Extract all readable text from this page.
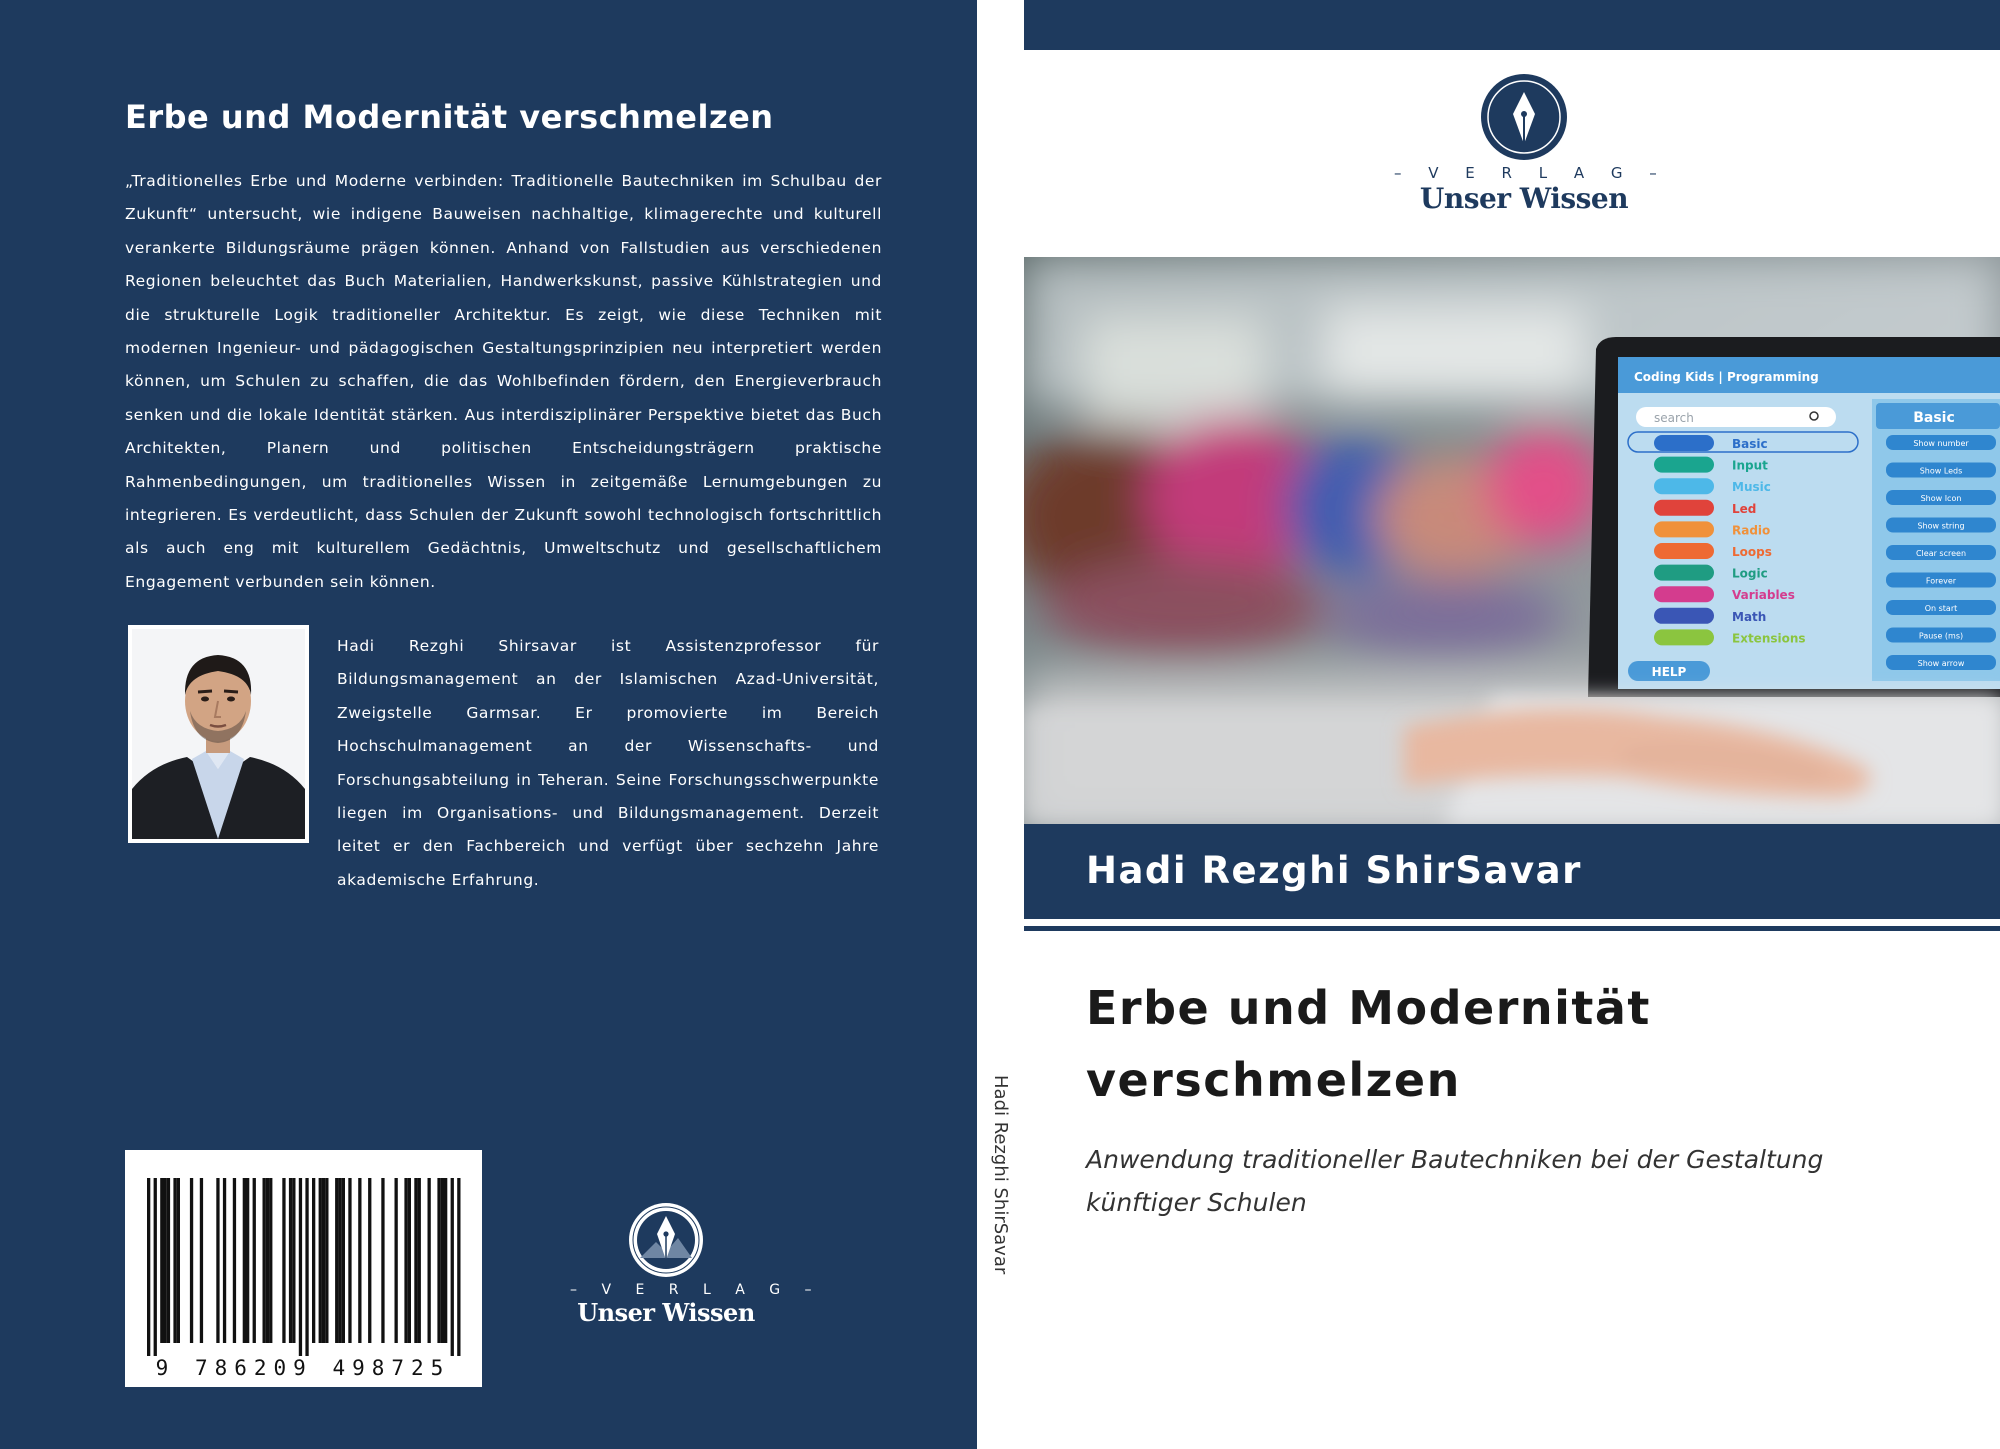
Erbe und Modernität verschmelzen

„Traditionelles Erbe und Moderne verbinden: Traditionelle Bautechniken im Schulbau der Zukunft“ untersucht, wie indigene Bauweisen nachhaltige, klimagerechte und kulturell verankerte Bildungsräume prägen können. Anhand von Fallstudien aus verschiedenen Regionen beleuchtet das Buch Materialien, Handwerkskunst, passive Kühlstrategien und die strukturelle Logik traditioneller Architektur. Es zeigt, wie diese Techniken mit modernen Ingenieur- und pädagogischen Gestaltungsprinzipien neu interpretiert werden können, um Schulen zu schaffen, die das Wohlbefinden fördern, den Energieverbrauch senken und die lokale Identität stärken. Aus interdisziplinärer Perspektive bietet das Buch Architekten, Planern und politischen Entscheidungsträgern praktische Rahmenbedingungen, um traditionelles Wissen in zeitgemäße Lernumgebungen zu integrieren. Es verdeutlicht, dass Schulen der Zukunft sowohl technologisch fortschrittlich als auch eng mit kulturellem Gedächtnis, Umweltschutz und gesellschaftlichem Engagement verbunden sein können.

Hadi Rezghi Shirsavar ist Assistenzprofessor für Bildungsmanagement an der Islamischen Azad-Universität, Zweigstelle Garmsar. Er promovierte im Bereich Hochschulmanagement an der Wissenschafts- und Forschungsabteilung in Teheran. Seine Forschungsschwerpunkte liegen im Organisations- und Bildungsmanagement. Derzeit leitet er den Fachbereich und verfügt über sechzehn Jahre akademische Erfahrung.

9 786209 498725
– V E R L A G –
Unser Wissen
Hadi Rezghi ShirSavar
– V E R L A G –
Unser Wissen
Coding Kids | Programming
search	Basic
Show number
Show Leds
Show Icon
Show string
Clear screen
Forever
On start
Pause (ms)
Show arrow
Basic
Input
Music
Led
Radio
Loops
Logic
Variables
Math
Extensions
HELP
Hadi Rezghi ShirSavar
Erbe und Modernität
verschmelzen

Anwendung traditioneller Bautechniken bei der Gestaltung
künftiger Schulen
